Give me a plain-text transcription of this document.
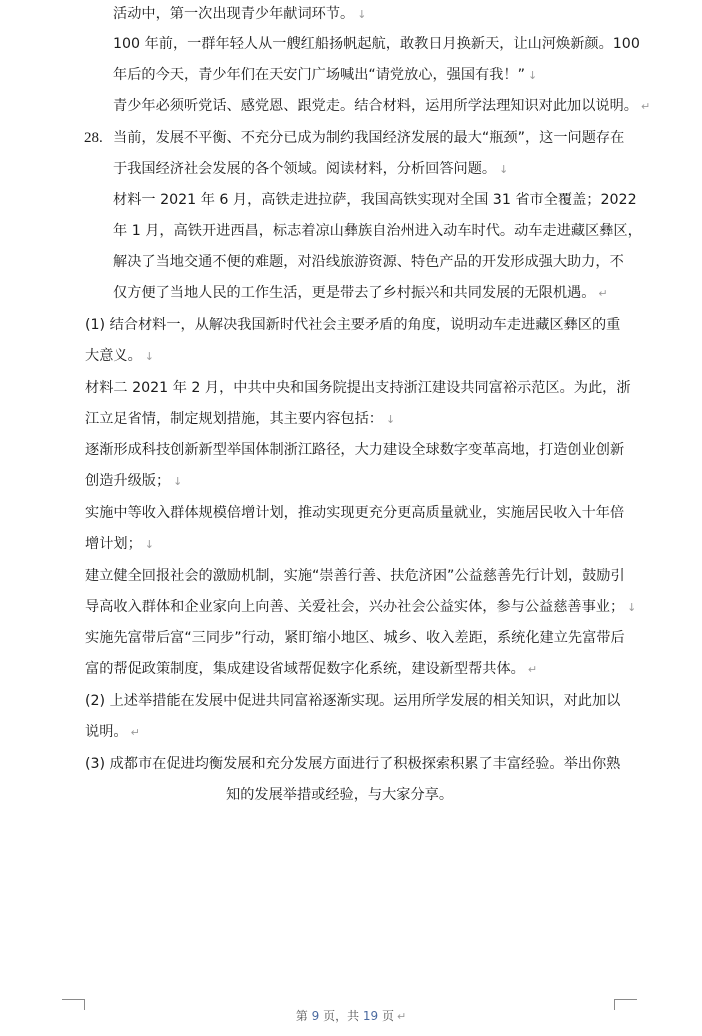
活动中，第一次出现青少年献词环节。 ↓
100 年前，一群年轻人从一艘红船扬帆起航，敢教日月换新天，让山河焕新颜。100
年后的今天，青少年们在天安门广场喊出“请党放心，强国有我！” ↓
青少年必须听党话、感党恩、跟党走。结合材料，运用所学法理知识对此加以说明。 ↵
28. 当前，发展不平衡、不充分已成为制约我国经济发展的最大“瓶颈”，这一问题存在
于我国经济社会发展的各个领域。阅读材料，分析回答问题。 ↓
材料一 2021 年 6 月，高铁走进拉萨，我国高铁实现对全国 31 省市全覆盖；2022
年 1 月，高铁开进西昌，标志着凉山彝族自治州进入动车时代。动车走进藏区彝区，
解决了当地交通不便的难题，对沿线旅游资源、特色产品的开发形成强大助力，不
仅方便了当地人民的工作生活，更是带去了乡村振兴和共同发展的无限机遇。 ↵
(1) 结合材料一，从解决我国新时代社会主要矛盾的角度，说明动车走进藏区彝区的重
大意义。 ↓
材料二 2021 年 2 月，中共中央和国务院提出支持浙江建设共同富裕示范区。为此，浙
江立足省情，制定规划措施，其主要内容包括： ↓
逐渐形成科技创新新型举国体制浙江路径，大力建设全球数字变革高地，打造创业创新
创造升级版； ↓
实施中等收入群体规模倍增计划，推动实现更充分更高质量就业，实施居民收入十年倍
增计划； ↓
建立健全回报社会的激励机制，实施“崇善行善、扶危济困”公益慈善先行计划，鼓励引
导高收入群体和企业家向上向善、关爱社会，兴办社会公益实体，参与公益慈善事业； ↓
实施先富带后富“三同步”行动，紧盯缩小地区、城乡、收入差距，系统化建立先富带后
富的帮促政策制度，集成建设省域帮促数字化系统，建设新型帮共体。 ↵
(2) 上述举措能在发展中促进共同富裕逐渐实现。运用所学发展的相关知识，对此加以
说明。 ↵
(3) 成都市在促进均衡发展和充分发展方面进行了积极探索积累了丰富经验。举出你熟
知的发展举措或经验，与大家分享。
第 9 页，共 19 页 ↵
